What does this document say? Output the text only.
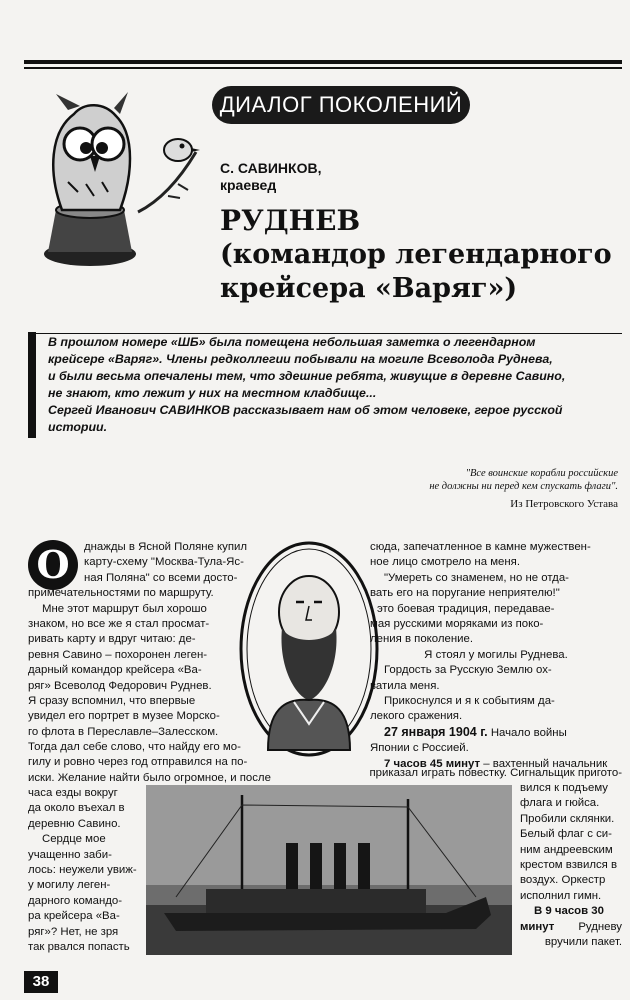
ДИАЛОГ ПОКОЛЕНИЙ
С. САВИНКОВ,
краевед
РУДНЕВ
(командор легендарного
крейсера «Варяг»)
В прошлом номере «ШБ» была помещена небольшая заметка о легендарном
крейсере «Варяг». Члены редколлегии побывали на могиле Всеволода Руднева,
и были весьма опечалены тем, что здешние ребята, живущие в деревне Савино,
не знают, кто лежит у них на местном кладбище...
Сергей Иванович САВИНКОВ рассказывает нам об этом человеке, герое русской
истории.
"Все воинские корабли российские
не должны ни перед кем спускать флаги".
Из Петровского Устава
О	днажды в Ясной Поляне купил
карту-схему "Москва-Тула-Яс-
ная Поляна" со всеми досто-
примечательностями по маршруту.
Мне этот маршрут был хорошо
знаком, но все же я стал просмат-
ривать карту и вдруг читаю: де-
ревня Савино – похоронен леген-
дарный командор крейсера «Ва-
ряг» Всеволод Федорович Руднев.
Я сразу вспомнил, что впервые
увидел его портрет в музее Морско-
го флота в Переславле–Залесском.
Тогда дал себе слово, что найду его мо-
гилу и ровно через год отправился на по-
иски. Желание найти было огромное, и после
часа езды вокруг
да около въехал в
деревню Савино.
Сердце мое
учащенно заби-
лось: неужели увиж-
у могилу леген-
дарного командо-
ра крейсера «Ва-
ряг»? Нет, не зря
так рвался попасть
сюда, запечатленное в камне мужествен-
ное лицо смотрело на меня.
"Умереть со знаменем, но не отда-
вать его на поругание неприятелю!"
- это боевая традиция, передавае-
мая русскими моряками из поко-
ления в поколение.
Я стоял у могилы Руднева.
Гордость за Русскую Землю ох-
ватила меня.
Прикоснулся и я к событиям да-
лекого сражения.
27 января 1904 г. Начало войны
Японии с Россией.
7 часов 45 минут – вахтенный начальник
приказал играть повестку. Сигнальщик пригото-
вился к подъему
флага и гюйса.
Пробили склянки.
Белый флаг с си-
ним андреевским
крестом взвился в
воздух. Оркестр
исполнил гимн.
В 9 часов 30
минут Рудневу
вручили пакет.
38
